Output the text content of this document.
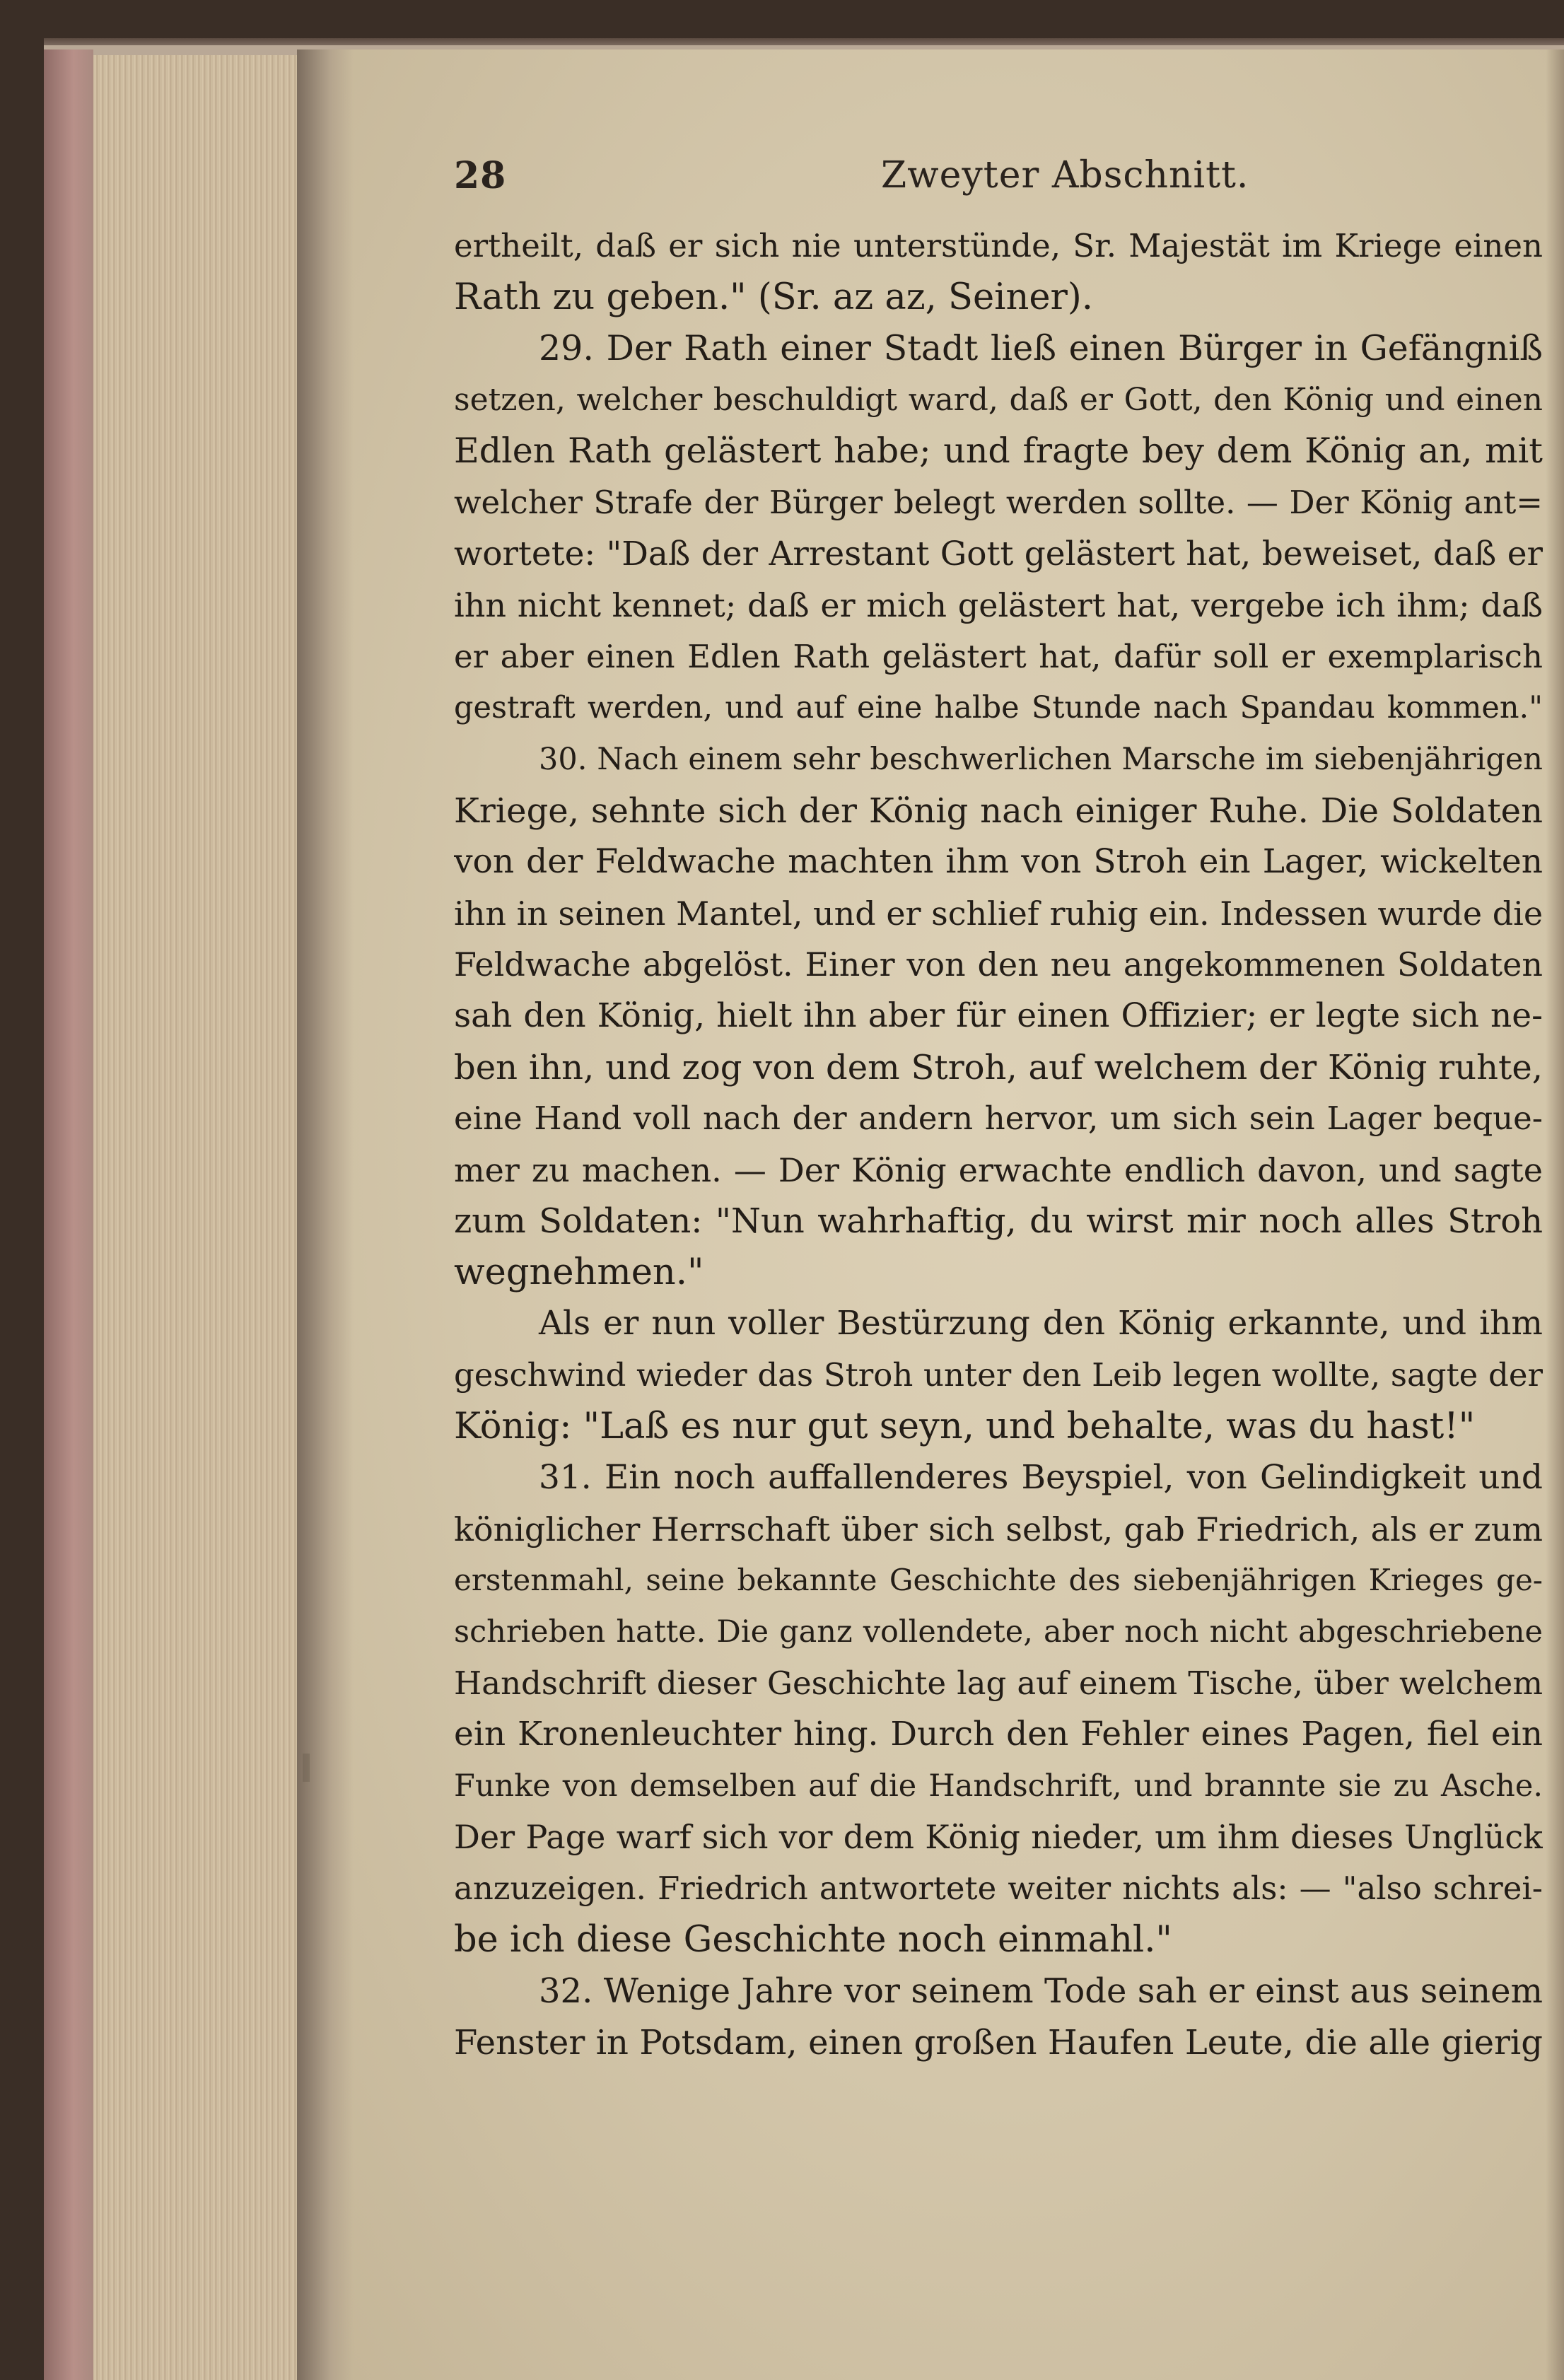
28	Zweyter Abschnitt.
ertheilt, daß er sich nie unterstünde, Sr. Majestät im Kriege einen
Rath zu geben." (Sr. az az, Seiner).
29. Der Rath einer Stadt ließ einen Bürger in Gefängniß
setzen, welcher beschuldigt ward, daß er Gott, den König und einen
Edlen Rath gelästert habe; und fragte bey dem König an, mit
welcher Strafe der Bürger belegt werden sollte. — Der König ant=
wortete: "Daß der Arrestant Gott gelästert hat, beweiset, daß er
ihn nicht kennet; daß er mich gelästert hat, vergebe ich ihm; daß
er aber einen Edlen Rath gelästert hat, dafür soll er exemplarisch
gestraft werden, und auf eine halbe Stunde nach Spandau kommen."
30. Nach einem sehr beschwerlichen Marsche im siebenjährigen
Kriege, sehnte sich der König nach einiger Ruhe. Die Soldaten
von der Feldwache machten ihm von Stroh ein Lager, wickelten
ihn in seinen Mantel, und er schlief ruhig ein. Indessen wurde die
Feldwache abgelöst. Einer von den neu angekommenen Soldaten
sah den König, hielt ihn aber für einen Offizier; er legte sich ne-
ben ihn, und zog von dem Stroh, auf welchem der König ruhte,
eine Hand voll nach der andern hervor, um sich sein Lager beque-
mer zu machen. — Der König erwachte endlich davon, und sagte
zum Soldaten: "Nun wahrhaftig, du wirst mir noch alles Stroh
wegnehmen."
Als er nun voller Bestürzung den König erkannte, und ihm
geschwind wieder das Stroh unter den Leib legen wollte, sagte der
König: "Laß es nur gut seyn, und behalte, was du hast!"
31. Ein noch auffallenderes Beyspiel, von Gelindigkeit und
königlicher Herrschaft über sich selbst, gab Friedrich, als er zum
erstenmahl, seine bekannte Geschichte des siebenjährigen Krieges ge-
schrieben hatte. Die ganz vollendete, aber noch nicht abgeschriebene
Handschrift dieser Geschichte lag auf einem Tische, über welchem
ein Kronenleuchter hing. Durch den Fehler eines Pagen, fiel ein
Funke von demselben auf die Handschrift, und brannte sie zu Asche.
Der Page warf sich vor dem König nieder, um ihm dieses Unglück
anzuzeigen. Friedrich antwortete weiter nichts als: — "also schrei-
be ich diese Geschichte noch einmahl."
32. Wenige Jahre vor seinem Tode sah er einst aus seinem
Fenster in Potsdam, einen großen Haufen Leute, die alle gierig
